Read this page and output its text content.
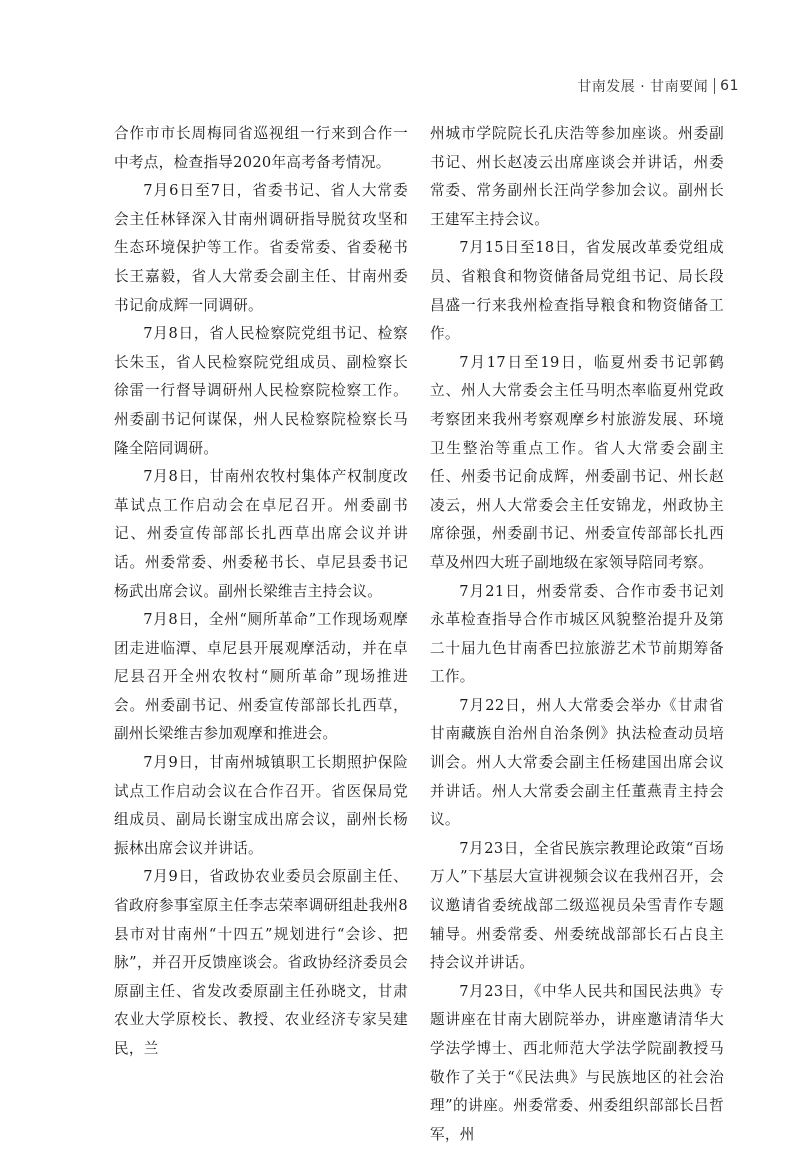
甘南发展 · 甘南要闻 61

合作市市长周梅同省巡视组一行来到合作一中考点，检查指导2020年高考备考情况。

7月6日至7日，省委书记、省人大常委会主任林铎深入甘南州调研指导脱贫攻坚和生态环境保护等工作。省委常委、省委秘书长王嘉毅，省人大常委会副主任、甘南州委书记俞成辉一同调研。

7月8日，省人民检察院党组书记、检察长朱玉，省人民检察院党组成员、副检察长徐雷一行督导调研州人民检察院检察工作。州委副书记何谋保，州人民检察院检察长马隆全陪同调研。

7月8日，甘南州农牧村集体产权制度改革试点工作启动会在卓尼召开。州委副书记、州委宣传部部长扎西草出席会议并讲话。州委常委、州委秘书长、卓尼县委书记杨武出席会议。副州长梁维吉主持会议。

7月8日，全州“厕所革命”工作现场观摩团走进临潭、卓尼县开展观摩活动，并在卓尼县召开全州农牧村“厕所革命”现场推进会。州委副书记、州委宣传部部长扎西草，副州长梁维吉参加观摩和推进会。

7月9日，甘南州城镇职工长期照护保险试点工作启动会议在合作召开。省医保局党组成员、副局长谢宝成出席会议，副州长杨振林出席会议并讲话。

7月9日，省政协农业委员会原副主任、省政府参事室原主任李志荣率调研组赴我州8县市对甘南州“十四五”规划进行“会诊、把脉”，并召开反馈座谈会。省政协经济委员会原副主任、省发改委原副主任孙晓文，甘肃农业大学原校长、教授、农业经济专家吴建民，兰

州城市学院院长孔庆浩等参加座谈。州委副书记、州长赵凌云出席座谈会并讲话，州委常委、常务副州长汪尚学参加会议。副州长王建军主持会议。

7月15日至18日，省发展改革委党组成员、省粮食和物资储备局党组书记、局长段昌盛一行来我州检查指导粮食和物资储备工作。

7月17日至19日，临夏州委书记郭鹤立、州人大常委会主任马明杰率临夏州党政考察团来我州考察观摩乡村旅游发展、环境卫生整治等重点工作。省人大常委会副主任、州委书记俞成辉，州委副书记、州长赵凌云，州人大常委会主任安锦龙，州政协主席徐强，州委副书记、州委宣传部部长扎西草及州四大班子副地级在家领导陪同考察。

7月21日，州委常委、合作市委书记刘永革检查指导合作市城区风貌整治提升及第二十届九色甘南香巴拉旅游艺术节前期筹备工作。

7月22日，州人大常委会举办《甘肃省甘南藏族自治州自治条例》执法检查动员培训会。州人大常委会副主任杨建国出席会议并讲话。州人大常委会副主任董燕青主持会议。

7月23日，全省民族宗教理论政策“百场万人”下基层大宣讲视频会议在我州召开，会议邀请省委统战部二级巡视员朵雪青作专题辅导。州委常委、州委统战部部长石占良主持会议并讲话。

7月23日，《中华人民共和国民法典》专题讲座在甘南大剧院举办，讲座邀请清华大学法学博士、西北师范大学法学院副教授马敬作了关于“《民法典》与民族地区的社会治理”的讲座。州委常委、州委组织部部长吕哲军，州
